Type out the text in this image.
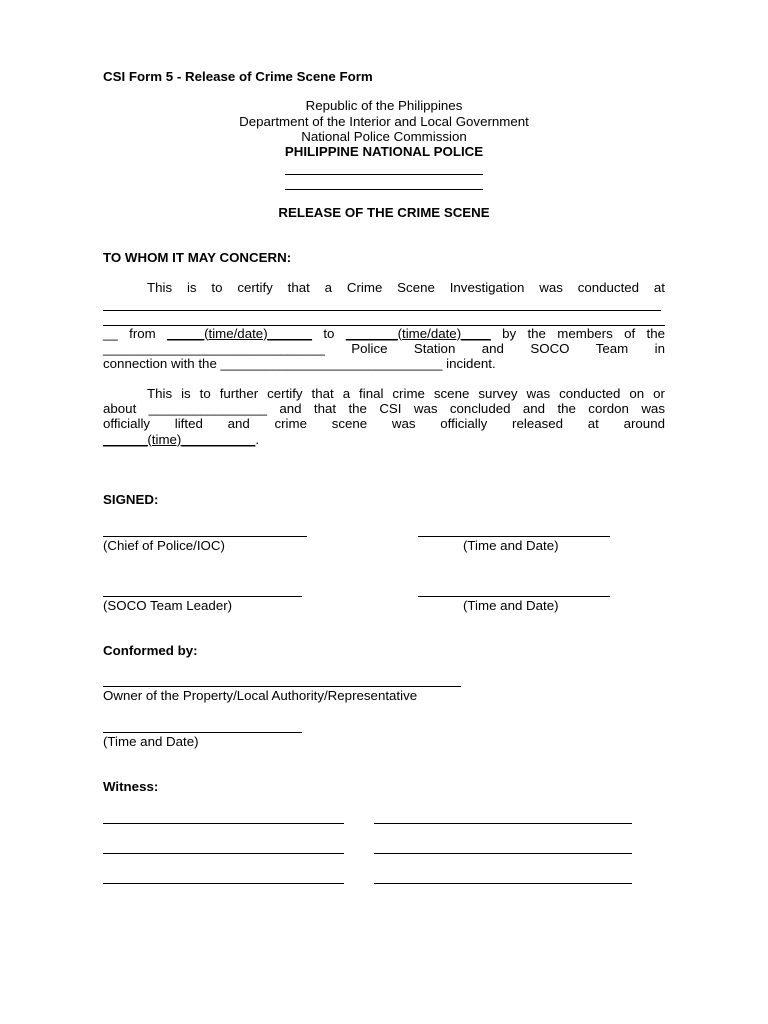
CSI Form 5 - Release of Crime Scene Form
Republic of the Philippines
Department of the Interior and Local Government
National Police Commission
PHILIPPINE NATIONAL POLICE
RELEASE OF THE CRIME SCENE
TO WHOM IT MAY CONCERN:
This is to certify that a Crime Scene Investigation was conducted at
__ from _____(time/date)______ to _______(time/date)____ by the members of the
______________________________ Police Station and SOCO Team in
connection with the ______________________________ incident.
This is to further certify that a final crime scene survey was conducted on or
about ________________ and that the CSI was concluded and the cordon was
officially lifted and crime scene was officially released at around
______(time)__________.
SIGNED:
(Chief of Police/IOC)	(Time and Date)
(SOCO Team Leader)	(Time and Date)
Conformed by:
Owner of the Property/Local Authority/Representative
(Time and Date)
Witness:
